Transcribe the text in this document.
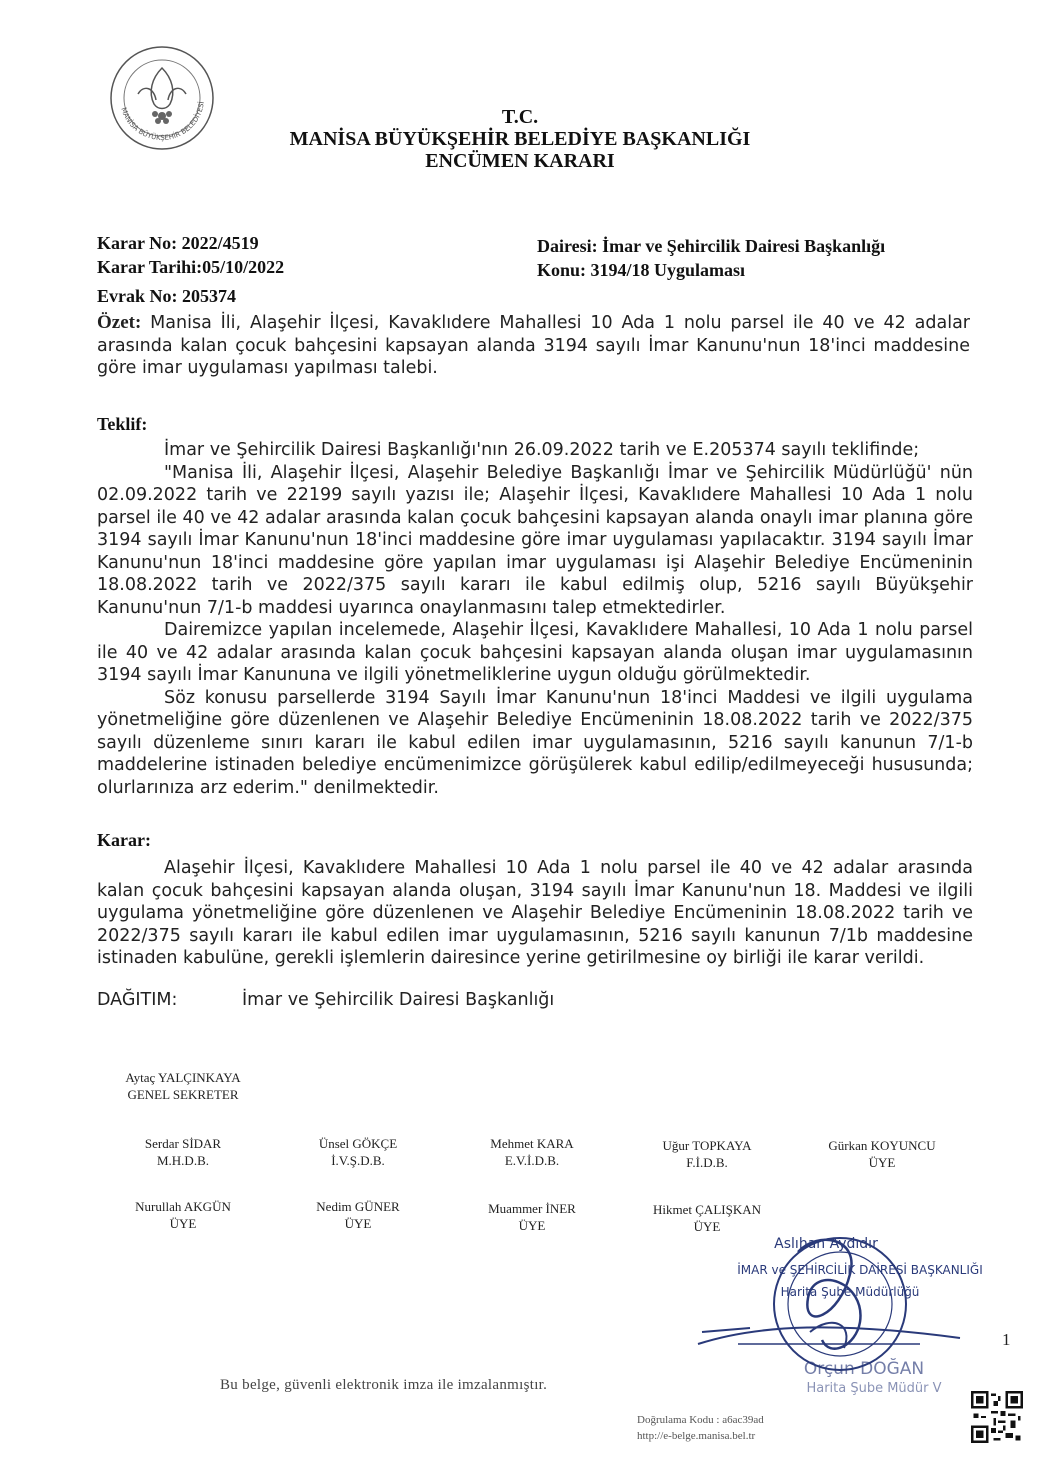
MANİSA BÜYÜKŞEHİR BELEDİYESİ
T.C.
MANİSA BÜYÜKŞEHİR BELEDİYE BAŞKANLIĞI
ENCÜMEN KARARI
Karar No: 2022/4519
Karar Tarihi:05/10/2022
Evrak No: 205374
Dairesi: İmar ve Şehircilik Dairesi Başkanlığı
Konu: 3194/18 Uygulaması
Özet: Manisa İli, Alaşehir İlçesi, Kavaklıdere Mahallesi 10 Ada 1 nolu parsel ile 40 ve 42 adalar arasında kalan çocuk bahçesini kapsayan alanda 3194 sayılı İmar Kanunu'nun 18'inci maddesine göre imar uygulaması yapılması talebi.
Teklif:

İmar ve Şehircilik Dairesi Başkanlığı'nın 26.09.2022 tarih ve E.205374 sayılı teklifinde;

"Manisa İli, Alaşehir İlçesi, Alaşehir Belediye Başkanlığı İmar ve Şehircilik Müdürlüğü' nün 02.09.2022 tarih ve 22199 sayılı yazısı ile; Alaşehir İlçesi, Kavaklıdere Mahallesi 10 Ada 1 nolu parsel ile 40 ve 42 adalar arasında kalan çocuk bahçesini kapsayan alanda onaylı imar planına göre 3194 sayılı İmar Kanunu'nun 18'inci maddesine göre imar uygulaması yapılacaktır. 3194 sayılı İmar Kanunu'nun 18'inci maddesine göre yapılan imar uygulaması işi Alaşehir Belediye Encümeninin 18.08.2022 tarih ve 2022/375 sayılı kararı ile kabul edilmiş olup, 5216 sayılı Büyükşehir Kanunu'nun 7/1-b maddesi uyarınca onaylanmasını talep etmektedirler.

Dairemizce yapılan incelemede, Alaşehir İlçesi, Kavaklıdere Mahallesi, 10 Ada 1 nolu parsel ile 40 ve 42 adalar arasında kalan çocuk bahçesini kapsayan alanda oluşan imar uygulamasının 3194 sayılı İmar Kanununa ve ilgili yönetmeliklerine uygun olduğu görülmektedir.

Söz konusu parsellerde 3194 Sayılı İmar Kanunu'nun 18'inci Maddesi ve ilgili uygulama yönetmeliğine göre düzenlenen ve Alaşehir Belediye Encümeninin 18.08.2022 tarih ve 2022/375 sayılı düzenleme sınırı kararı ile kabul edilen imar uygulamasının, 5216 sayılı kanunun 7/1-b maddelerine istinaden belediye encümenimizce görüşülerek kabul edilip/edilmeyeceği hususunda; olurlarınıza arz ederim." denilmektedir.

Karar:

Alaşehir İlçesi, Kavaklıdere Mahallesi 10 Ada 1 nolu parsel ile 40 ve 42 adalar arasında kalan çocuk bahçesini kapsayan alanda oluşan, 3194 sayılı İmar Kanunu'nun 18. Maddesi ve ilgili uygulama yönetmeliğine göre düzenlenen ve Alaşehir Belediye Encümeninin 18.08.2022 tarih ve 2022/375 sayılı kararı ile kabul edilen imar uygulamasının, 5216 sayılı kanunun 7/1b maddesine istinaden kabulüne, gerekli işlemlerin dairesince yerine getirilmesine oy birliği ile karar verildi.

DAĞITIM:	İmar ve Şehircilik Dairesi Başkanlığı
Aytaç YALÇINKAYA
GENEL SEKRETER
Serdar SİDAR
M.H.D.B.
Ünsel GÖKÇE
İ.V.Ş.D.B.
Mehmet KARA
E.V.İ.D.B.
Uğur TOPKAYA
F.İ.D.B.
Gürkan KOYUNCU
ÜYE
Nurullah AKGÜN
ÜYE
Nedim GÜNER
ÜYE
Muammer İNER
ÜYE
Hikmet ÇALIŞKAN
ÜYE
Aslıhan Aydıdır
İMAR ve ŞEHİRCİLİK DAİRESİ BAŞKANLIĞI
Harita Şube Müdürlüğü
Orçun DOĞAN
Harita Şube Müdür V
Bu belge, güvenli elektronik imza ile imzalanmıştır.
1
Doğrulama Kodu : a6ac39ad
http://e-belge.manisa.bel.tr
